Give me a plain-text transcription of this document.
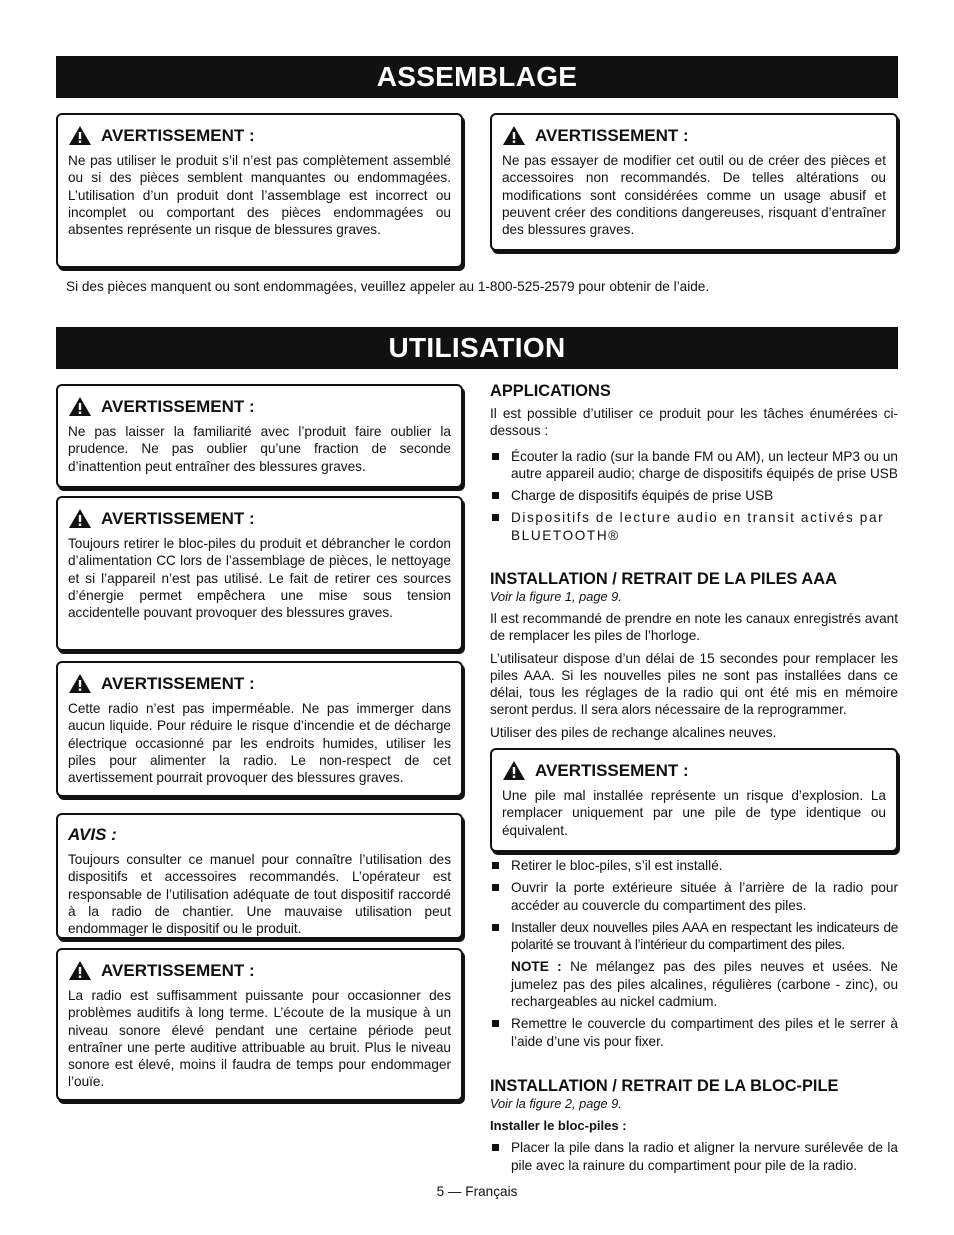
ASSEMBLAGE
AVERTISSEMENT :
Ne pas utiliser le produit s’il n’est pas complètement assemblé ou si des pièces semblent manquantes ou endommagées. L’utilisation d’un produit dont l’assemblage est incorrect ou incomplet ou comportant des pièces endommagées ou absentes représente un risque de blessures graves.
AVERTISSEMENT :
Ne pas essayer de modifier cet outil ou de créer des pièces et accessoires non recommandés. De telles altérations ou modifications sont considérées comme un usage abusif et peuvent créer des conditions dangereuses, risquant d’entraîner des blessures graves.
Si des pièces manquent ou sont endommagées, veuillez appeler au 1-800-525-2579 pour obtenir de l’aide.
UTILISATION
AVERTISSEMENT :
Ne pas laisser la familiarité avec l’produit faire oublier la prudence. Ne pas oublier qu’une fraction de seconde d’inattention peut entraîner des blessures graves.
AVERTISSEMENT :
Toujours retirer le bloc-piles du produit et débrancher le cordon d’alimentation CC lors de l’assemblage de pièces, le nettoyage et si l’appareil n’est pas utilisé. Le fait de retirer ces sources d’énergie permet empêchera une mise sous tension accidentelle pouvant provoquer des blessures graves.
AVERTISSEMENT :
Cette radio n’est pas imperméable. Ne pas immerger dans aucun liquide. Pour réduire le risque d’incendie et de décharge électrique occasionné par les endroits humides, utiliser les piles pour alimenter la radio. Le non-respect de cet avertissement pourrait provoquer des blessures graves.
AVIS :
Toujours consulter ce manuel pour connaître l’utilisation des dispositifs et accessoires recommandés. L’opérateur est responsable de l’utilisation adéquate de tout dispositif raccordé à la radio de chantier. Une mauvaise utilisation peut endommager le dispositif ou le produit.
AVERTISSEMENT :
La radio est suffisamment puissante pour occasionner des problèmes auditifs à long terme. L’écoute de la musique à un niveau sonore élevé pendant une certaine période peut entraîner une perte auditive attribuable au bruit. Plus le niveau sonore est élevé, moins il faudra de temps pour endommager l’ouïe.
APPLICATIONS

Il est possible d’utiliser ce produit pour les tâches énumérées ci-dessous :

Écouter la radio (sur la bande FM ou AM), un lecteur MP3 ou un autre appareil audio; charge de dispositifs équipés de prise USB
Charge de dispositifs équipés de prise USB
Dispositifs de lecture audio en transit activés par BLUETOOTH®
INSTALLATION / RETRAIT DE LA PILES AAA
Voir la figure 1, page 9.

Il est recommandé de prendre en note les canaux enregistrés avant de remplacer les piles de l’horloge.

L’utilisateur dispose d’un délai de 15 secondes pour remplacer les piles AAA. Si les nouvelles piles ne sont pas installées dans ce délai, tous les réglages de la radio qui ont été mis en mémoire seront perdus. Il sera alors nécessaire de la reprogrammer.

Utiliser des piles de rechange alcalines neuves.

AVERTISSEMENT :
Une pile mal installée représente un risque d’explosion. La remplacer uniquement par une pile de type identique ou équivalent.
Retirer le bloc-piles, s’il est installé.
Ouvrir la porte extérieure située à l’arrière de la radio pour accéder au couvercle du compartiment des piles.
Installer deux nouvelles piles AAA en respectant les indicateurs de polarité se trouvant à l’intérieur du compartiment des piles.
NOTE : Ne mélangez pas des piles neuves et usées. Ne jumelez pas des piles alcalines, régulières (carbone - zinc), ou rechargeables au nickel cadmium.
Remettre le couvercle du compartiment des piles et le serrer à l’aide d’une vis pour fixer.
INSTALLATION / RETRAIT DE LA BLOC-PILE
Voir la figure 2, page 9.
Installer le bloc-piles :
Placer la pile dans la radio et aligner la nervure surélevée de la pile avec la rainure du compartiment pour pile de la radio.
5 — Français
